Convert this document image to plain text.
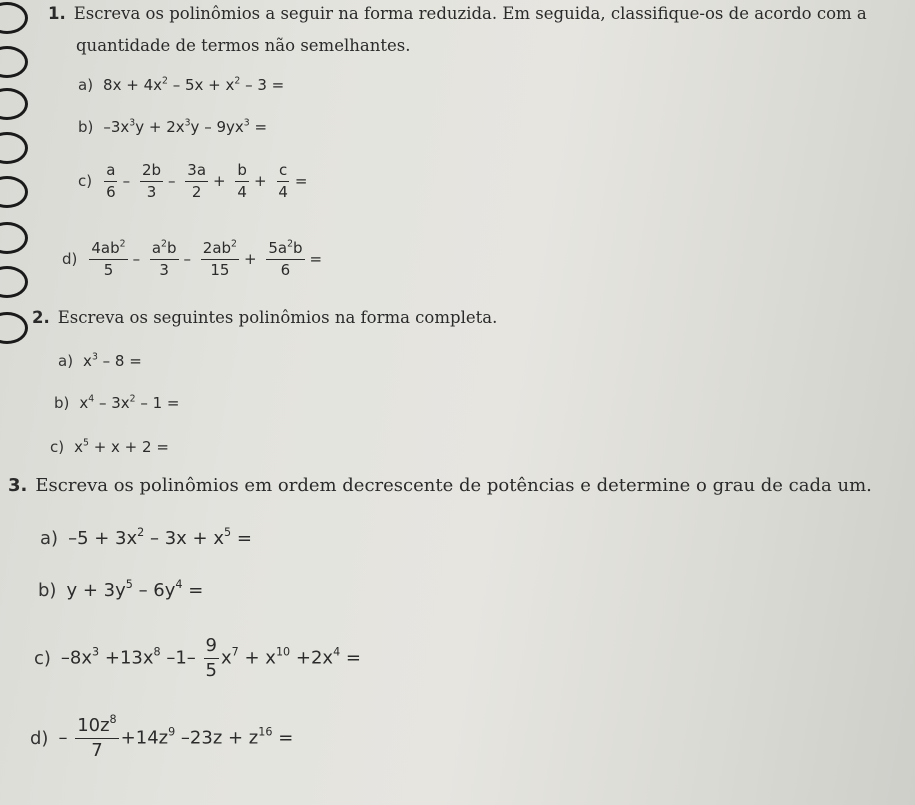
1. Escreva os polinômios a seguir na forma reduzida. Em seguida, classifique-os de acordo com a
quantidade de termos não semelhantes.
a) $8x + 4x^2 - 5x + x^2 - 3$ =
b) $-3x^3y + 2x^3y - 9yx^3$ =
$c) \frac{a}{6} - \frac{2b}{3} - \frac{3a}{2} + \frac{b}{4} + \frac{c}{4}$ =
$d) \frac{4ab^2}{5} - \frac{a^2b}{3} - \frac{2ab^2}{15} + \frac{5a^2b}{6}$ =
2. Escreva os seguintes polinômios na forma completa.
a) $x^3 - 8$ =
b) $x^4 - 3x^2 - 1$ =
c) $x^5 + x + 2$ =
3. Escreva os polinômios em ordem decrescente de potências e determine o grau de cada um.
a) $-5 + 3x^2 - 3x + x^5$ =
b) $y + 3y^5 - 6y^4$ =
c) $-8x^3 +13x^8$ $-1- \frac{9}{5} x^7 + x^{10} +2x^4$ =
$d) - \frac{10z^8}{7} +14z^9$ $-23z + z^{16}$ =
